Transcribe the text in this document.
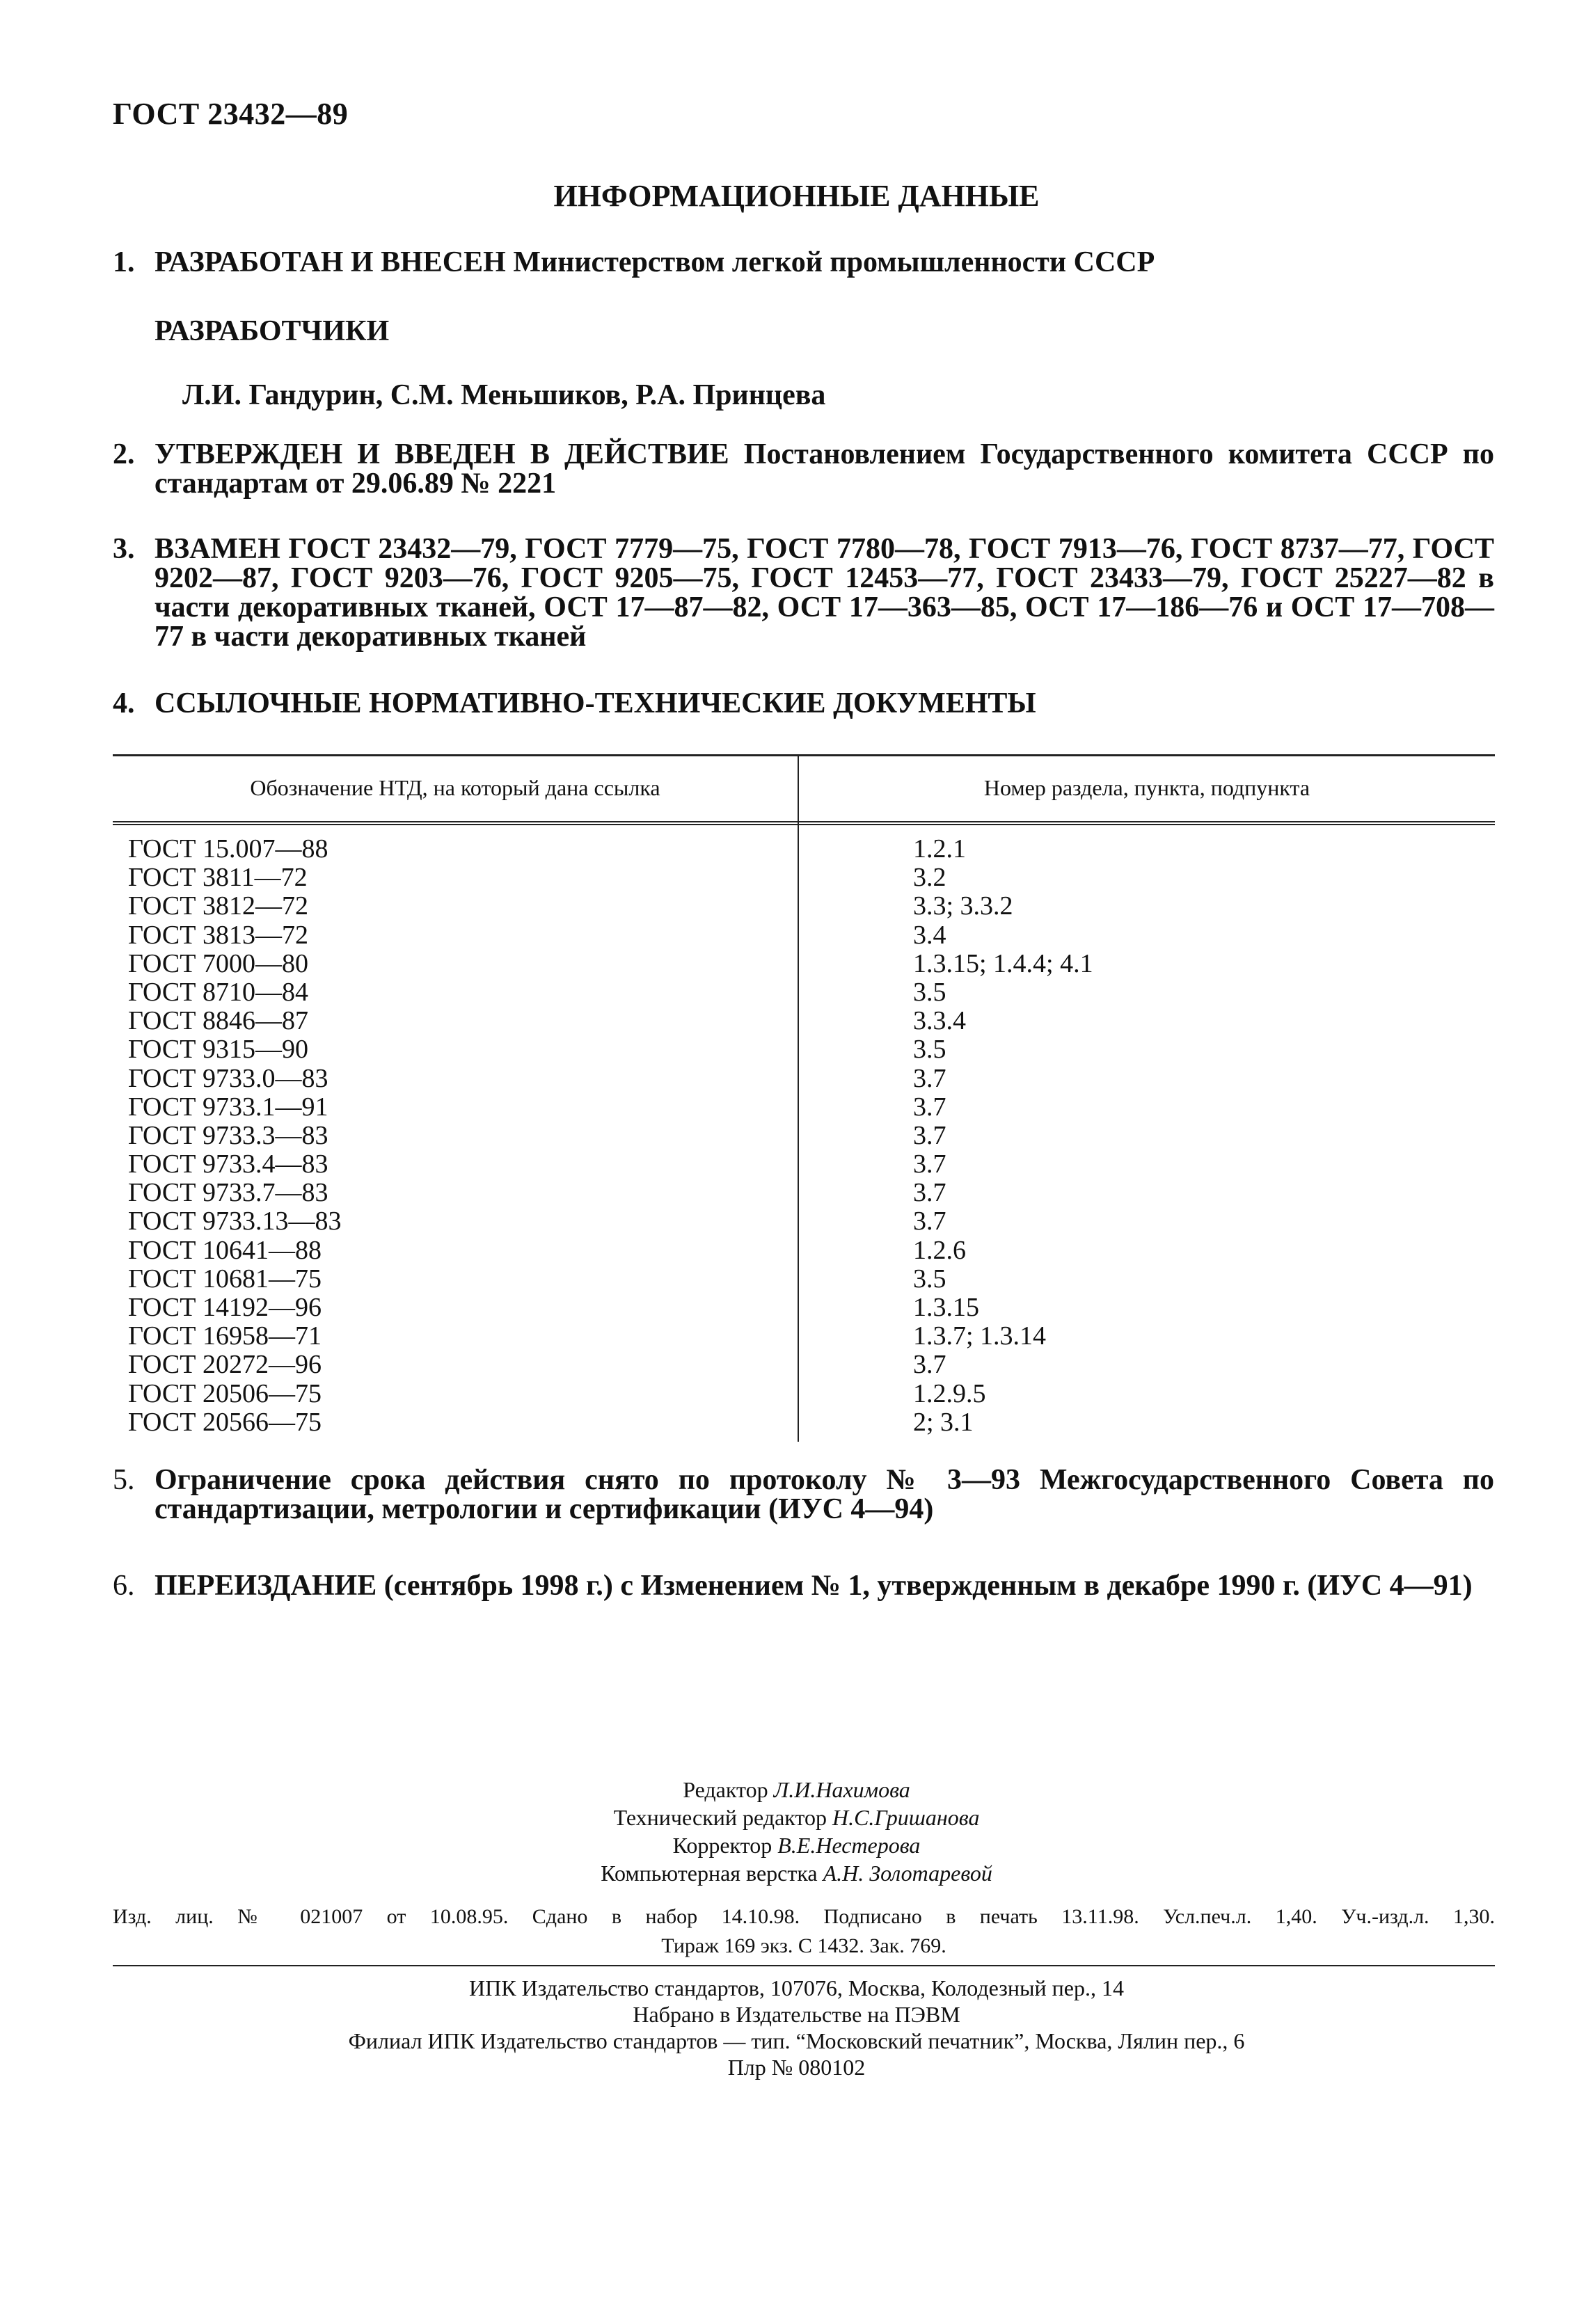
ГОСТ 23432—89
ИНФОРМАЦИОННЫЕ ДАННЫЕ
1. РАЗРАБОТАН И ВНЕСЕН Министерством легкой промышленности СССР
РАЗРАБОТЧИКИ
Л.И. Гандурин, С.М. Меньшиков, Р.А. Принцева
2. УТВЕРЖДЕН И ВВЕДЕН В ДЕЙСТВИЕ Постановлением Государственного комитета СССР по стандартам от 29.06.89 № 2221
3. ВЗАМЕН ГОСТ 23432—79, ГОСТ 7779—75, ГОСТ 7780—78, ГОСТ 7913—76, ГОСТ 8737—77, ГОСТ 9202—87, ГОСТ 9203—76, ГОСТ 9205—75, ГОСТ 12453—77, ГОСТ 23433—79, ГОСТ 25227—82 в части декоративных тканей, ОСТ 17—87—82, ОСТ 17—363—85, ОСТ 17—186—76 и ОСТ 17—708—77 в части декоративных тканей
4. ССЫЛОЧНЫЕ НОРМАТИВНО-ТЕХНИЧЕСКИЕ ДОКУМЕНТЫ
Обозначение НТД, на который дана ссылка	Номер раздела, пункта, подпункта
ГОСТ 15.007—88
ГОСТ 3811—72
ГОСТ 3812—72
ГОСТ 3813—72
ГОСТ 7000—80
ГОСТ 8710—84
ГОСТ 8846—87
ГОСТ 9315—90
ГОСТ 9733.0—83
ГОСТ 9733.1—91
ГОСТ 9733.3—83
ГОСТ 9733.4—83
ГОСТ 9733.7—83
ГОСТ 9733.13—83
ГОСТ 10641—88
ГОСТ 10681—75
ГОСТ 14192—96
ГОСТ 16958—71
ГОСТ 20272—96
ГОСТ 20506—75
ГОСТ 20566—75
1.2.1
3.2
3.3; 3.3.2
3.4
1.3.15; 1.4.4; 4.1
3.5
3.3.4
3.5
3.7
3.7
3.7
3.7
3.7
3.7
1.2.6
3.5
1.3.15
1.3.7; 1.3.14
3.7
1.2.9.5
2; 3.1
5. Ограничение срока действия снято по протоколу № 3—93 Межгосударственного Совета по стандартизации, метрологии и сертификации (ИУС 4—94)
6. ПЕРЕИЗДАНИЕ (сентябрь 1998 г.) с Изменением № 1, утвержденным в декабре 1990 г. (ИУС 4—91)
Редактор Л.И.Нахимова
Технический редактор Н.С.Гришанова
Корректор В.Е.Нестерова
Компьютерная верстка А.Н. Золотаревой
Изд. лиц. № 021007 от 10.08.95. Сдано в набор 14.10.98. Подписано в печать 13.11.98. Усл.печ.л. 1,40. Уч.-изд.л. 1,30.
Тираж 169 экз. С 1432. Зак. 769.
ИПК Издательство стандартов, 107076, Москва, Колодезный пер., 14
Набрано в Издательстве на ПЭВМ
Филиал ИПК Издательство стандартов — тип. “Московский печатник”, Москва, Лялин пер., 6
Плр № 080102
